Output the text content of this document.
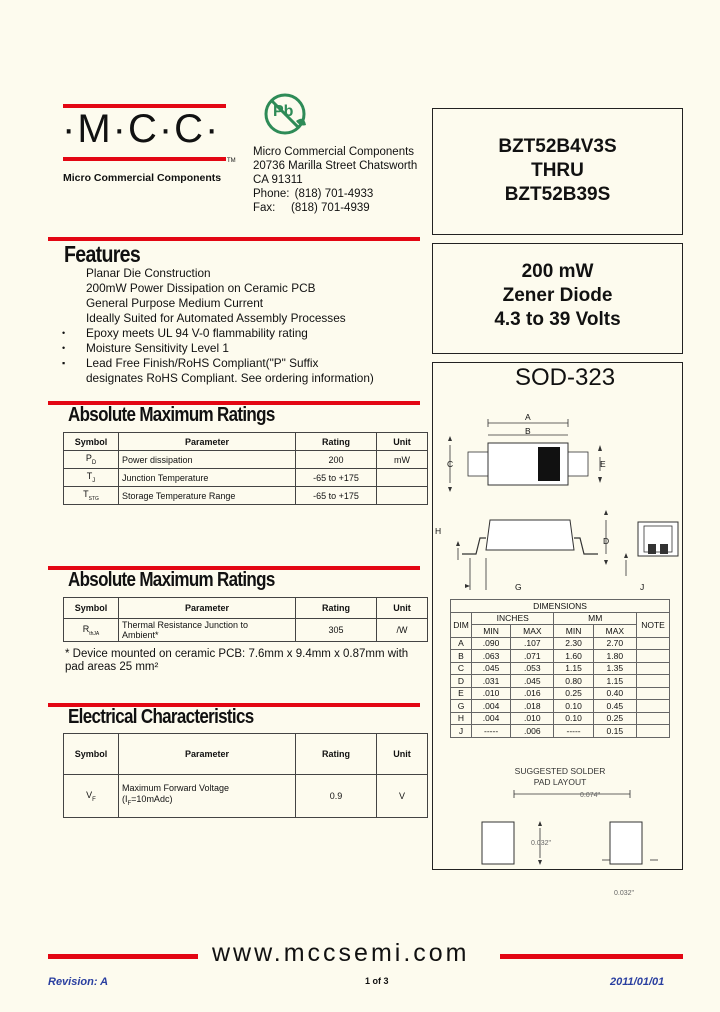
·M·C·C·
TM
Micro Commercial Components
Pb
Micro Commercial Components
20736 Marilla Street Chatsworth
CA 91311
Phone: (818) 701-4933
Fax: (818) 701-4939
BZT52B4V3S
THRU
BZT52B39S
200 mW
Zener Diode
4.3 to 39 Volts
SOD-323
A
B
C	E
H
D
G	J
DIMENSIONS					
DIM	INCHES		MM		NOTE
	MIN	MAX	MIN	MAX	
A	.090	.107	2.30	2.70	
B	.063	.071	1.60	1.80	
C	.045	.053	1.15	1.35	
D	.031	.045	0.80	1.15	
E	.010	.016	0.25	0.40	
G	.004	.018	0.10	0.45	
H	.004	.010	0.10	0.25	
J	-----	.006	-----	0.15	
SUGGESTED SOLDER
PAD LAYOUT
0.074"
0.032"
0.032"
Features
Planar Die Construction
200mW Power Dissipation on Ceramic PCB
General Purpose Medium Current
Ideally Suited for Automated Assembly Processes
• Epoxy meets UL 94 V-0 flammability rating
• Moisture Sensitivity Level 1
▪ Lead Free Finish/RoHS Compliant("P" Suffix
designates RoHS Compliant. See ordering information)
Absolute Maximum Ratings
Symbol	Parameter	Rating	Unit
$P_D$	Power dissipation	200	mW
$T_J$	Junction Temperature	-65 to +175	
$T_{STG}$	Storage Temperature Range	-65 to +175	
Absolute Maximum Ratings
Symbol	Parameter	Rating	Unit
$R_{thJA}$	Thermal Resistance Junction to
Ambient*	305	/W
* Device mounted on ceramic PCB: 7.6mm x 9.4mm x 0.87mm with
pad areas 25 mm²
Electrical Characteristics
Symbol	Parameter	Rating	Unit
$V_F$	Maximum Forward Voltage
$(I_F=10mAdc)$	0.9	V
www.mccsemi.com
Revision: A	1 of 3	2011/01/01
